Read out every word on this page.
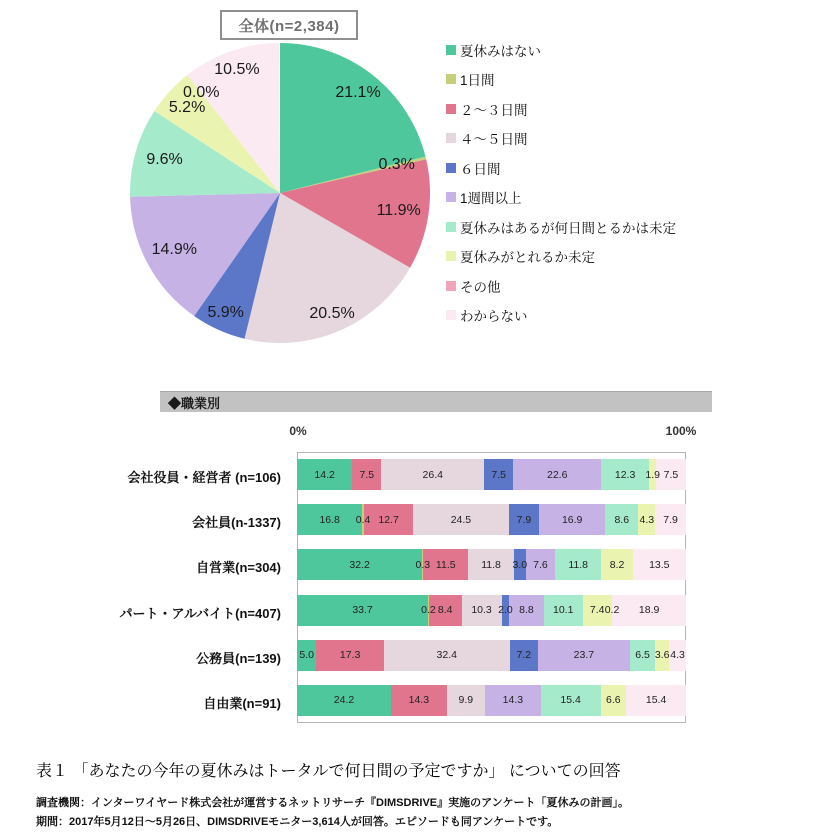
全体(n=2,384)
21.1%
0.3%
11.9%
20.5%
5.9%
14.9%
9.6%
5.2%
0.0%
10.5%
夏休みはない
1日間
２～３日間
４～５日間
６日間
1週間以上
夏休みはあるが何日間とるかは未定
夏休みがとれるか未定
その他
わからない
◆職業別
0%	100%
会社役員・経営者 (n=106)	14.2 7.5	26.4	7.5	22.6	12.3 1.9 7.5
会社員(n-1337)	16.8 0.4 12.7	24.5	7.9	16.9	8.6 4.3 7.9
自営業(n=304)	32.2	0.3 11.5 11.8 3.0 7.6 11.8 8.2 13.5
パート・アルバイト(n=407)	33.7	0.2 8.4 10.3 2.0 8.8 10.1 7.4 0.2 18.9
公務員(n=139)	5.0 17.3	32.4	7.2	23.7	6.5 3.6 4.3
自由業(n=91)	24.2	14.3	9.9	14.3	15.4 6.6 15.4
表１ 「あなたの今年の夏休みはトータルで何日間の予定ですか」 についての回答
調査機関：インターワイヤード株式会社が運営するネットリサーチ『DIMSDRIVE』実施のアンケート「夏休みの計画」。
期間：2017年5月12日～5月26日、DIMSDRIVEモニター3,614人が回答。エピソードも同アンケートです。
